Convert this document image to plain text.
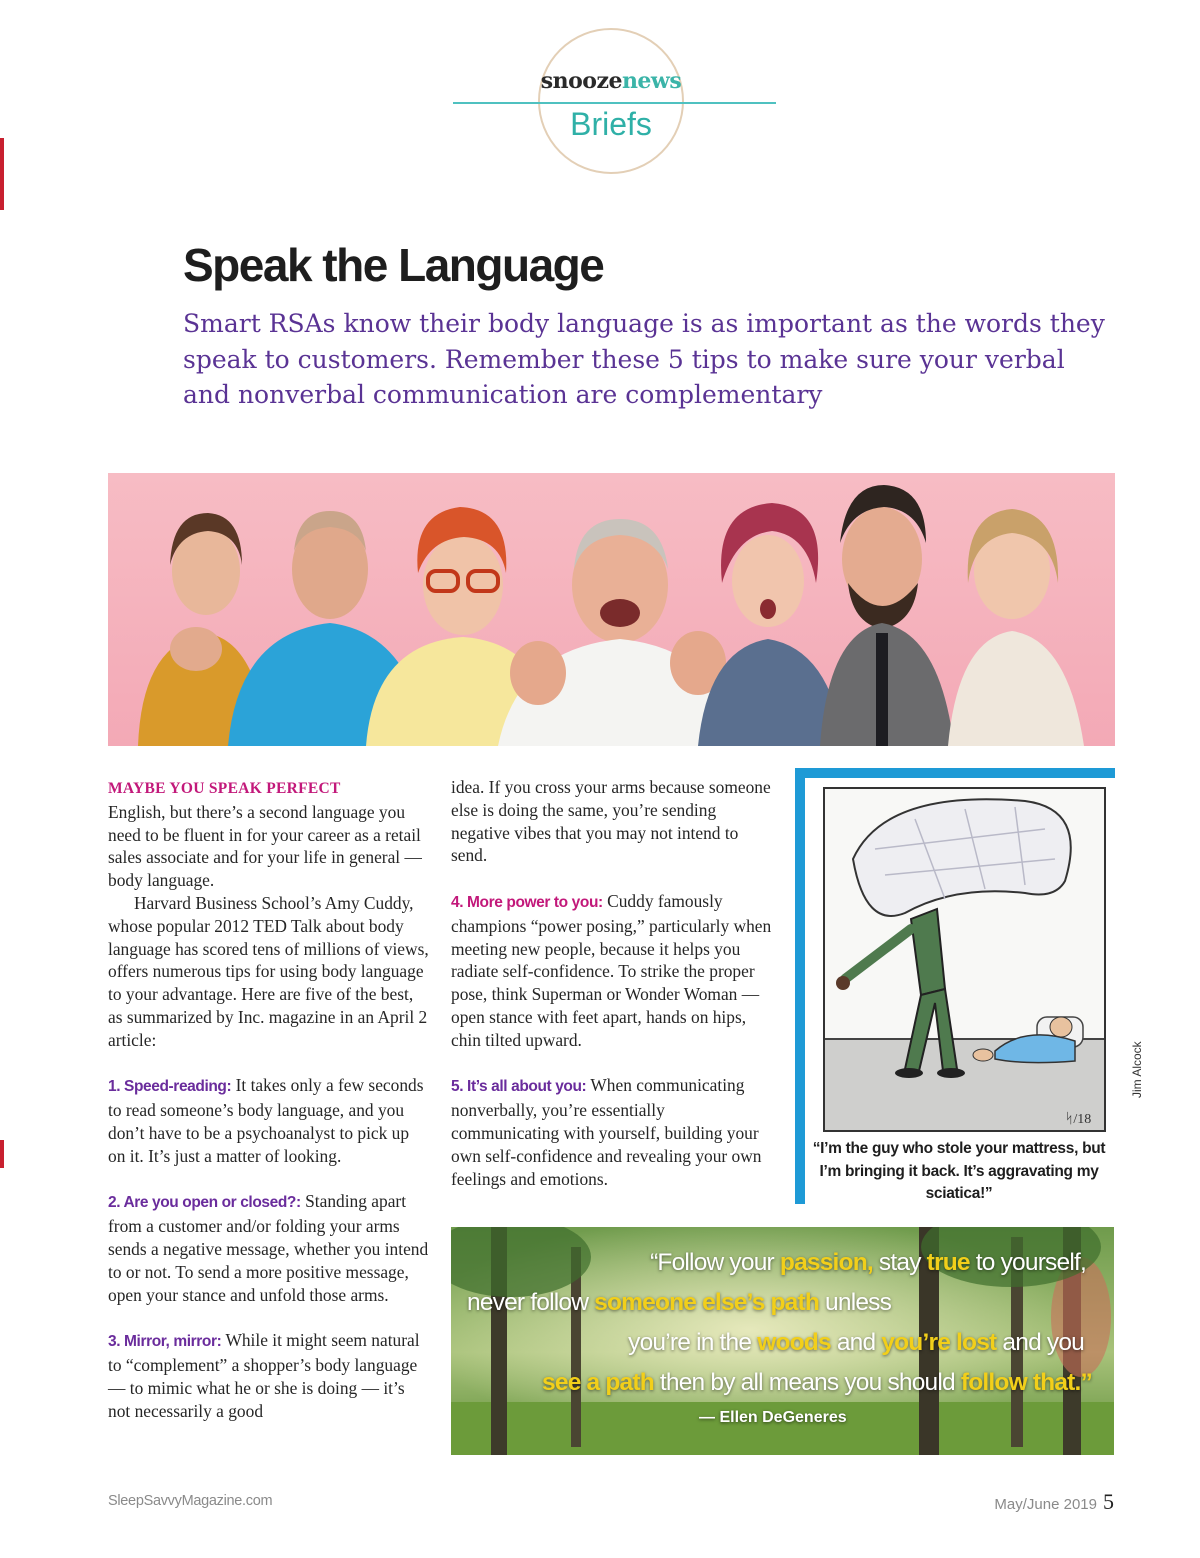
snoozenews
Briefs
Speak the Language

Smart RSAs know their body language is as important as the words they speak to customers. Remember these 5 tips to make sure your verbal and nonverbal communication are complementary

MAYBE YOU SPEAK PERFECT
English, but there’s a second language you need to be fluent in for your career as a retail sales associate and for your life in general — body language.

Harvard Business School’s Amy Cuddy, whose popular 2012 TED Talk about body language has scored tens of millions of views, offers numerous tips for using body language to your advantage. Here are five of the best, as summarized by Inc. magazine in an April 2 article:

1. Speed-reading: It takes only a few seconds to read someone’s body language, and you don’t have to be a psychoanalyst to pick up on it. It’s just a matter of looking.

2. Are you open or closed?: Standing apart from a customer and/or folding your arms sends a negative message, whether you intend to or not. To send a more positive message, open your stance and unfold those arms.

3. Mirror, mirror: While it might seem natural to “complement” a shopper’s body language — to mimic what he or she is doing — it’s not necessarily a good

idea. If you cross your arms because someone else is doing the same, you’re sending negative vibes that you may not intend to send.

4. More power to you: Cuddy famously champions “power posing,” particularly when meeting new people, because it helps you radiate self-confidence. To strike the proper pose, think Superman or Wonder Woman — open stance with feet apart, hands on hips, chin tilted upward.

5. It’s all about you: When communicating nonverbally, you’re essentially communicating with yourself, building your own self-confidence and revealing your own feelings and emotions.

ᛋ/18
Jim Alcock
“I’m the guy who stole your mattress, but I’m bringing it back. It’s aggravating my sciatica!”
“Follow your passion, stay true to yourself,
never follow someone else’s path unless
you’re in the woods and you’re lost and you
see a path then by all means you should follow that.”
— Ellen DeGeneres
SleepSavvyMagazine.com	May/June 2019 5
